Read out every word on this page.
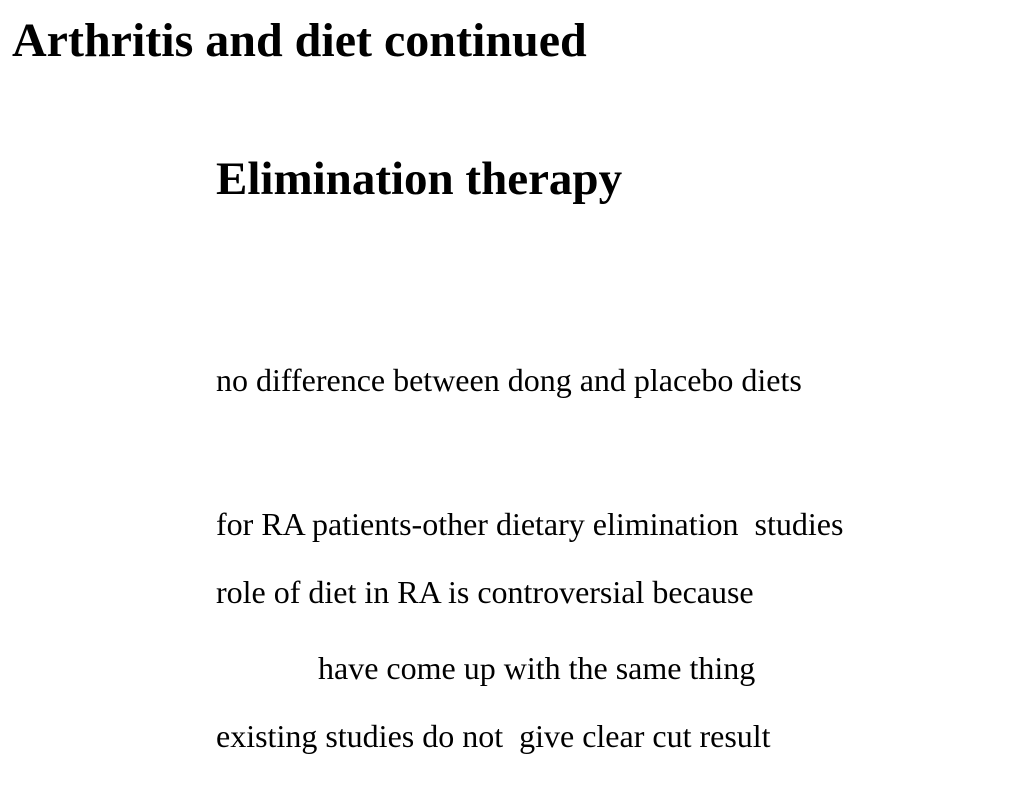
Arthritis and diet continued
Elimination therapy

no difference between dong and placebo diets

for RA patients-other dietary elimination  studies

have come up with the same thing

role of diet in RA is controversial because

existing studies do not  give clear cut result
